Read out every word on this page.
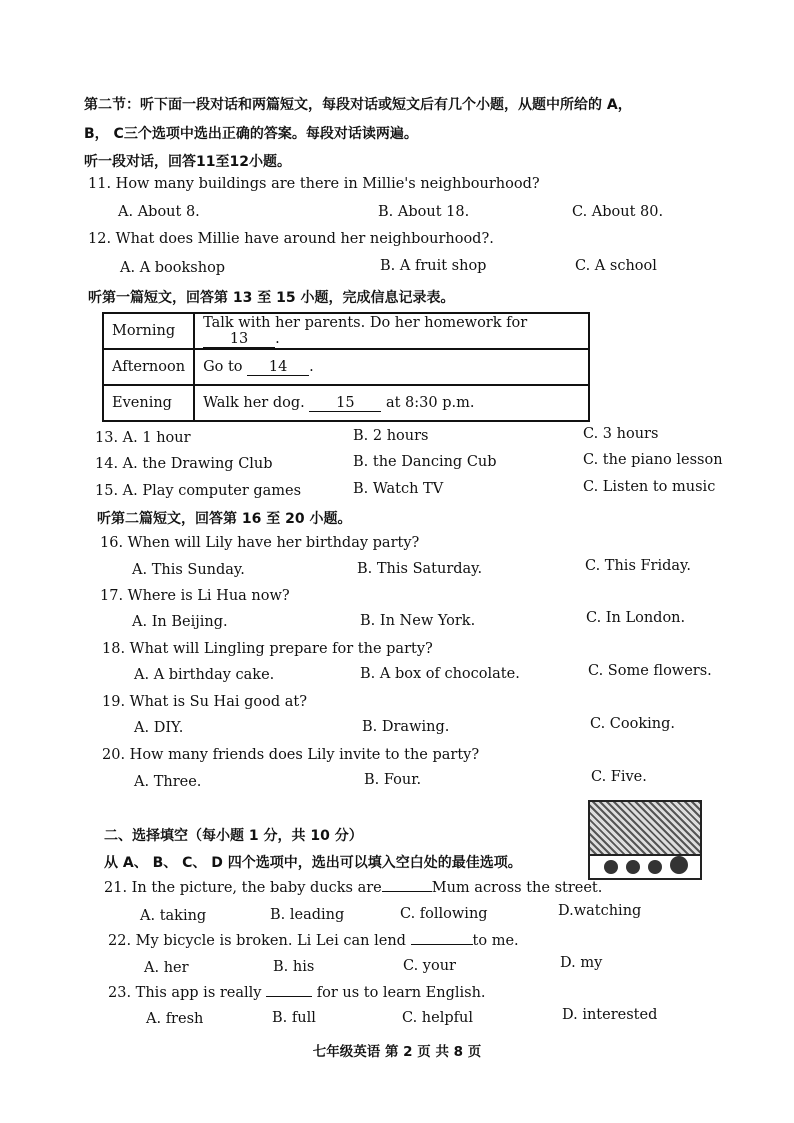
第二节：听下面一段对话和两篇短文，每段对话或短文后有几个小题，从题中所给的 A，
B， C三个选项中选出正确的答案。每段对话读两遍。
听一段对话，回答11至12小题。
11. How many buildings are there in Millie's neighbourhood?
A. About 8.	B. About 18.	C. About 80.
12. What does Millie have around her neighbourhood?.
A. A bookshop	B. A fruit shop	C. A school
听第一篇短文，回答第 13 至 15 小题，完成信息记录表。
Morning	Talk with her parents. Do her homework for 13 .
Afternoon	Go to 14 .
Evening	Walk her dog. 15 at 8:30 p.m.
13. A. 1 hour	B. 2 hours	C. 3 hours
14. A. the Drawing Club	B. the Dancing Cub	C. the piano lesson
15. A. Play computer games	B. Watch TV	C. Listen to music
听第二篇短文，回答第 16 至 20 小题。
16. When will Lily have her birthday party?
A. This Sunday.	B. This Saturday.	C. This Friday.
17. Where is Li Hua now?
A. In Beijing.	B. In New York.	C. In London.
18. What will Lingling prepare for the party?
A. A birthday cake.	B. A box of chocolate.	C. Some flowers.
19. What is Su Hai good at?
A. DIY.	B. Drawing.	C. Cooking.
20. How many friends does Lily invite to the party?
A. Three.	B. Four.	C. Five.
二、选择填空（每小题 1 分，共 10 分）
从 A、 B、 C、 D 四个选项中，选出可以填入空白处的最佳选项。
21. In the picture, the baby ducks are	Mum across the street.
A. taking	B. leading	C. following	D.watching
22. My bicycle is broken. Li Lei can lend	to me.
A. her	B. his	C. your	D. my
23. This app is really	for us to learn English.
A. fresh	B. full	C. helpful	D. interested
七年级英语 第 2 页 共 8 页
